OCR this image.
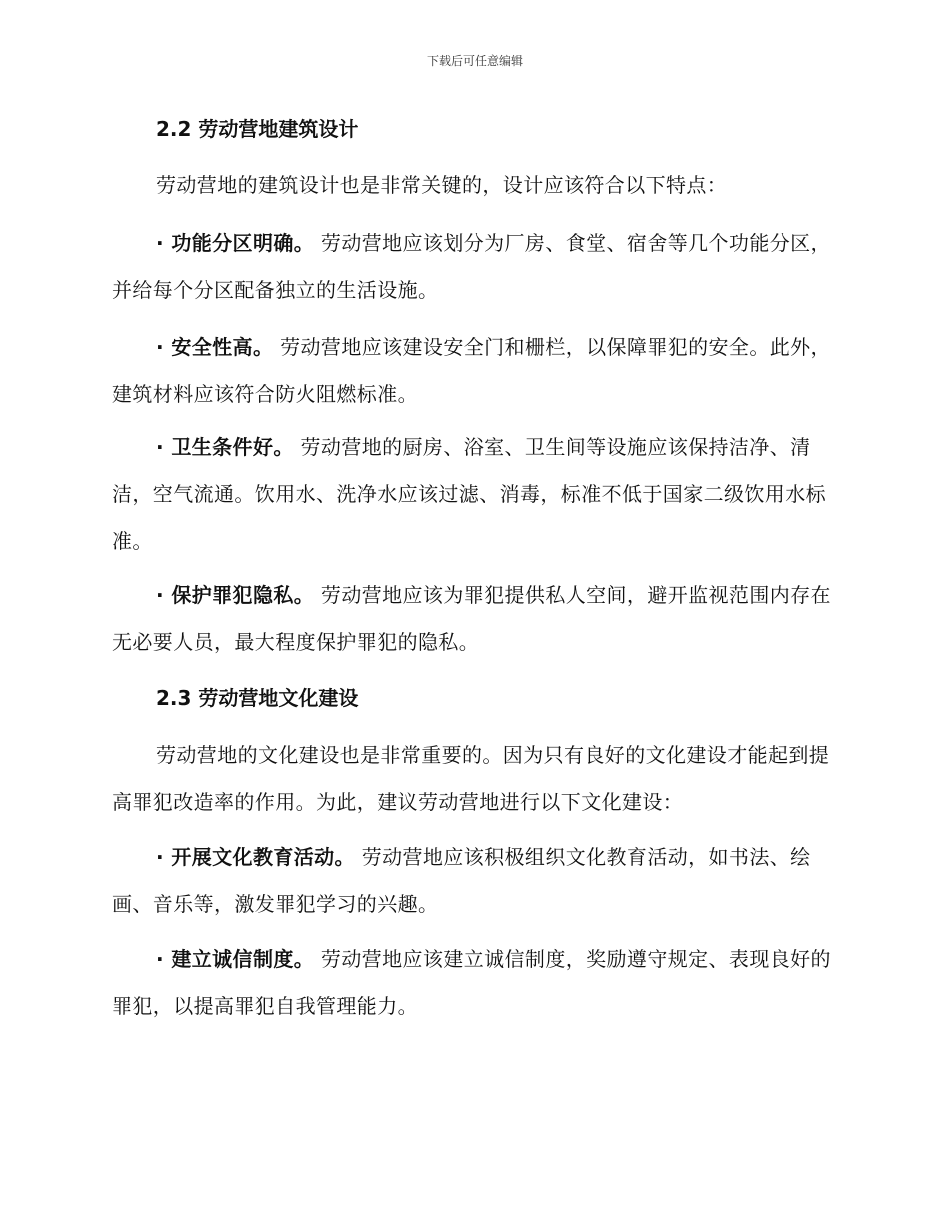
下载后可任意编辑
2.2 劳动营地建筑设计
劳动营地的建筑设计也是非常关键的，设计应该符合以下特点：
· 功能分区明确。 劳动营地应该划分为厂房、食堂、宿舍等几个功能分区，并给每个分区配备独立的生活设施。
· 安全性高。 劳动营地应该建设安全门和栅栏，以保障罪犯的安全。此外，建筑材料应该符合防火阻燃标准。
· 卫生条件好。 劳动营地的厨房、浴室、卫生间等设施应该保持洁净、清洁，空气流通。饮用水、洗净水应该过滤、消毒，标准不低于国家二级饮用水标准。
· 保护罪犯隐私。 劳动营地应该为罪犯提供私人空间，避开监视范围内存在无必要人员，最大程度保护罪犯的隐私。
2.3 劳动营地文化建设
劳动营地的文化建设也是非常重要的。因为只有良好的文化建设才能起到提高罪犯改造率的作用。为此，建议劳动营地进行以下文化建设：
· 开展文化教育活动。 劳动营地应该积极组织文化教育活动，如书法、绘画、音乐等，激发罪犯学习的兴趣。
· 建立诚信制度。 劳动营地应该建立诚信制度，奖励遵守规定、表现良好的罪犯，以提高罪犯自我管理能力。
